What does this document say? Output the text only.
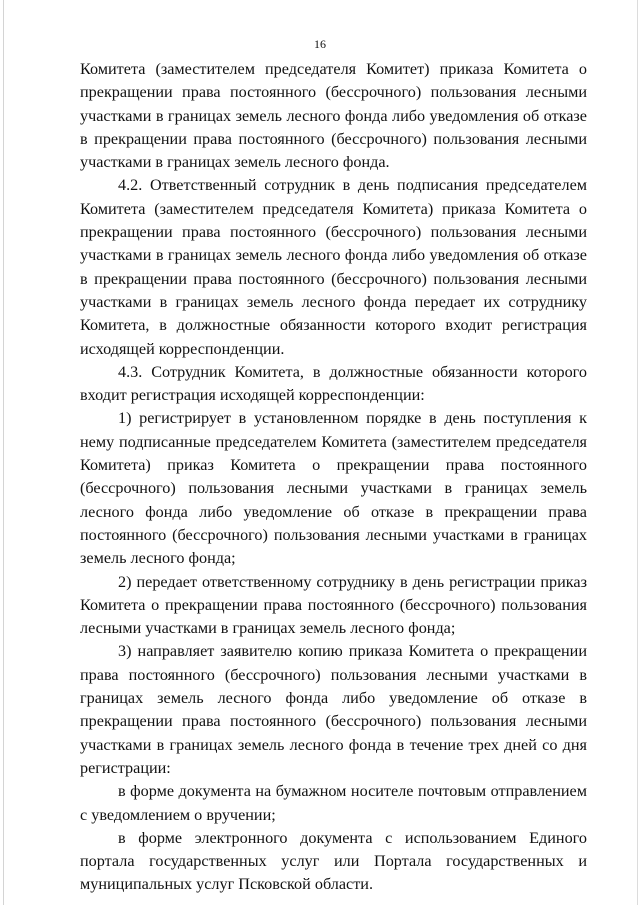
16

Комитета (заместителем председателя Комитет) приказа Комитета о прекращении права постоянного (бессрочного) пользования лесными участками в границах земель лесного фонда либо уведомления об отказе в прекращении права постоянного (бессрочного) пользования лесными участками в границах земель лесного фонда.

4.2. Ответственный сотрудник в день подписания председателем Комитета (заместителем председателя Комитета) приказа Комитета о прекращении права постоянного (бессрочного) пользования лесными участками в границах земель лесного фонда либо уведомления об отказе в прекращении права постоянного (бессрочного) пользования лесными участками в границах земель лесного фонда передает их сотруднику Комитета, в должностные обязанности которого входит регистрация исходящей корреспонденции.

4.3. Сотрудник Комитета, в должностные обязанности которого входит регистрация исходящей корреспонденции:

1) регистрирует в установленном порядке в день поступления к нему подписанные председателем Комитета (заместителем председателя Комитета) приказ Комитета о прекращении права постоянного (бессрочного) пользования лесными участками в границах земель лесного фонда либо уведомление об отказе в прекращении права постоянного (бессрочного) пользования лесными участками в границах земель лесного фонда;

2) передает ответственному сотруднику в день регистрации приказ Комитета о прекращении права постоянного (бессрочного) пользования лесными участками в границах земель лесного фонда;

3) направляет заявителю копию приказа Комитета о прекращении права постоянного (бессрочного) пользования лесными участками в границах земель лесного фонда либо уведомление об отказе в прекращении права постоянного (бессрочного) пользования лесными участками в границах земель лесного фонда в течение трех дней со дня регистрации:

в форме документа на бумажном носителе почтовым отправлением с уведомлением о вручении;

в форме электронного документа с использованием Единого портала государственных услуг или Портала государственных и муниципальных услуг Псковской области.
